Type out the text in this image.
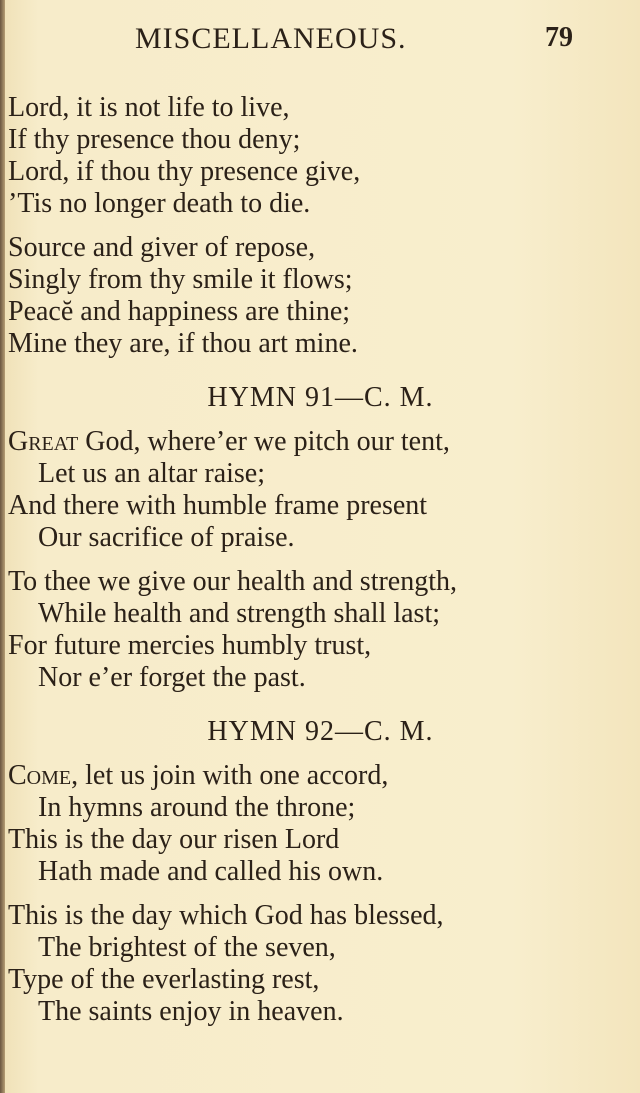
MISCELLANEOUS.	79
Lord, it is not life to live,
If thy presence thou deny;
Lord, if thou thy presence give,
’Tis no longer death to die.
Source and giver of repose,
Singly from thy smile it flows;
Peacĕ and happiness are thine;
Mine they are, if thou art mine.
HYMN 91—C. M.
Great God, where’er we pitch our tent,
Let us an altar raise;
And there with humble frame present
Our sacrifice of praise.
To thee we give our health and strength,
While health and strength shall last;
For future mercies humbly trust,
Nor e’er forget the past.
HYMN 92—C. M.
Come, let us join with one accord,
In hymns around the throne;
This is the day our risen Lord
Hath made and called his own.
This is the day which God has blessed,
The brightest of the seven,
Type of the everlasting rest,
The saints enjoy in heaven.
